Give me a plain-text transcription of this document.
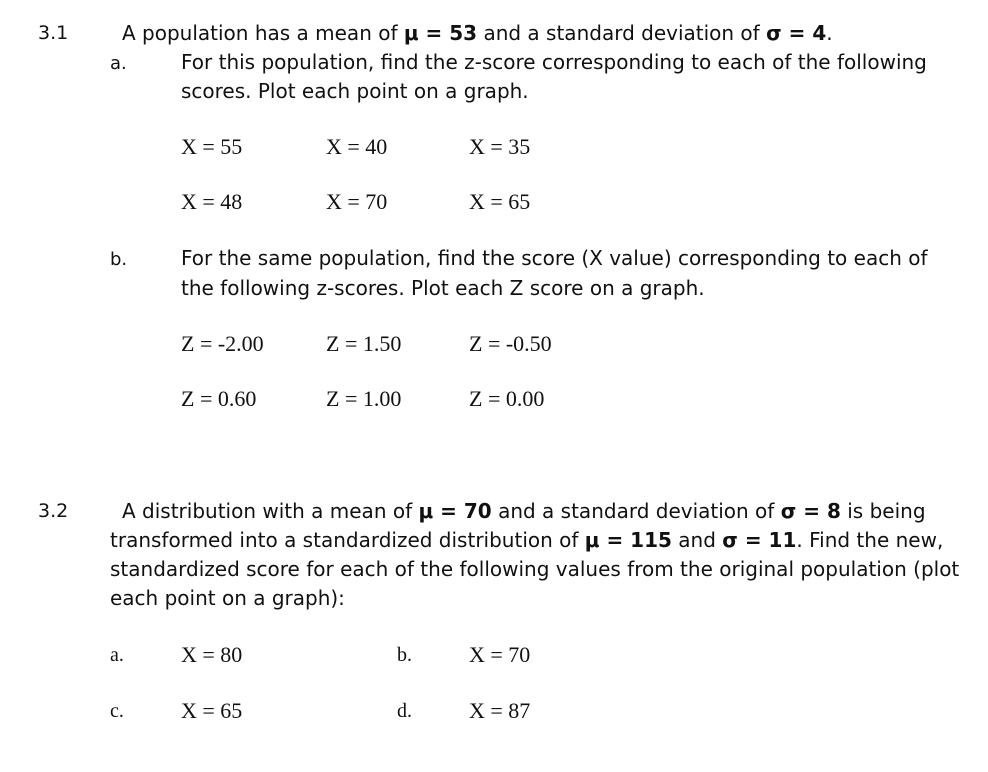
3.1	A population has a mean of μ = 53 and a standard deviation of σ = 4.
a.	For this population, find the z-score corresponding to each of the following
scores. Plot each point on a graph.
X = 55	X = 40	X = 35
X = 48	X = 70	X = 65
b.	For the same population, find the score (X value) corresponding to each of
the following z-scores. Plot each Z score on a graph.
Z = -2.00	Z = 1.50	Z = -0.50
Z = 0.60	Z = 1.00	Z = 0.00
3.2	A distribution with a mean of μ = 70 and a standard deviation of σ = 8 is being
transformed into a standardized distribution of μ = 115 and σ = 11. Find the new,
standardized score for each of the following values from the original population (plot
each point on a graph):
a.	X = 80	b.	X = 70
c.	X = 65	d.	X = 87
